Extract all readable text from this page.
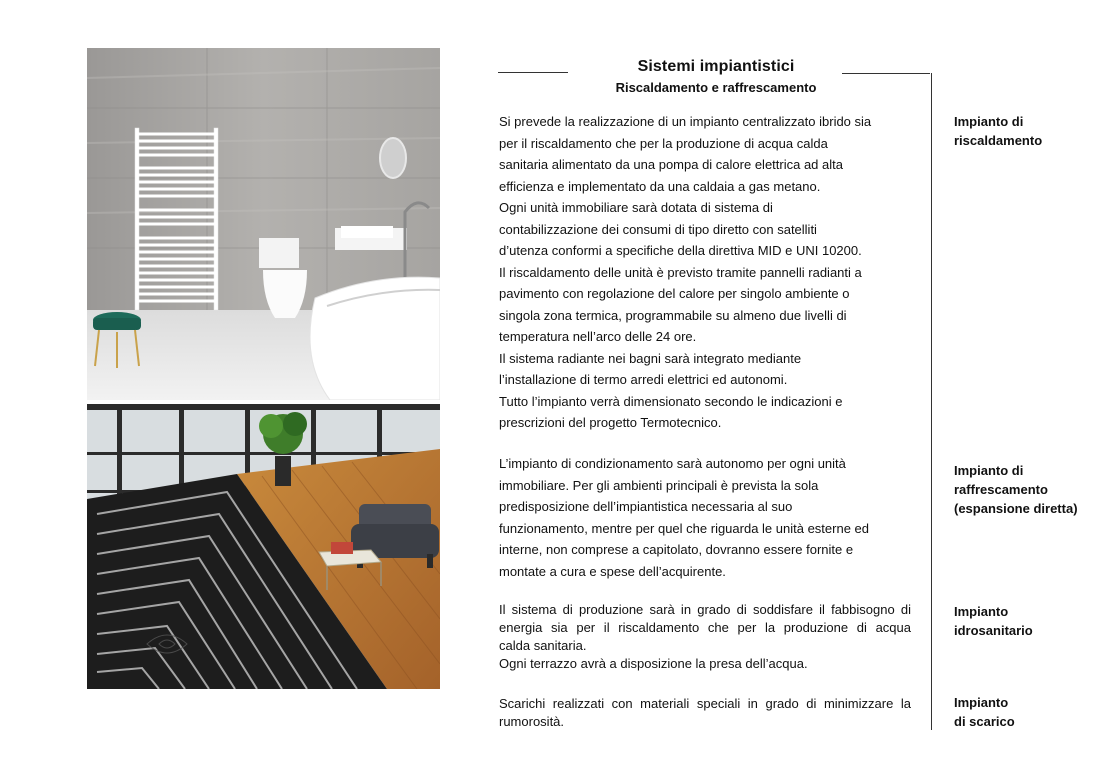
Sistemi impiantistici
Riscaldamento e raffrescamento
Si prevede la realizzazione di un impianto centralizzato ibrido sia
per il riscaldamento che per la produzione di acqua calda
sanitaria alimentato da una pompa di calore elettrica ad alta
efficienza e implementato da una caldaia a gas metano.
Ogni unità immobiliare sarà dotata di sistema di
contabilizzazione dei consumi di tipo diretto con satelliti
d’utenza conformi a specifiche della direttiva MID e UNI 10200.
Il riscaldamento delle unità è previsto tramite pannelli radianti a
pavimento con regolazione del calore per singolo ambiente o
singola zona termica, programmabile su almeno due livelli di
temperatura nell’arco delle 24 ore.
Il sistema radiante nei bagni sarà integrato mediante
l’installazione di termo arredi elettrici ed autonomi.
Tutto l’impianto verrà dimensionato secondo le indicazioni e
prescrizioni del progetto Termotecnico.
L’impianto di condizionamento sarà autonomo per ogni unità
immobiliare. Per gli ambienti principali è prevista la sola
predisposizione dell’impiantistica necessaria al suo
funzionamento, mentre per quel che riguarda le unità esterne ed
interne, non comprese a capitolato, dovranno essere fornite e
montate a cura e spese dell’acquirente.
Il sistema di produzione sarà in grado di soddisfare il fabbisogno di
energia sia per il riscaldamento che per la produzione di acqua
calda sanitaria.
Ogni terrazzo avrà a disposizione la presa dell’acqua.
Scarichi realizzati con materiali speciali in grado di minimizzare la
rumorosità.
Impianto di
riscaldamento
Impianto di
raffrescamento
(espansione diretta)
Impianto
idrosanitario
Impianto
di scarico
